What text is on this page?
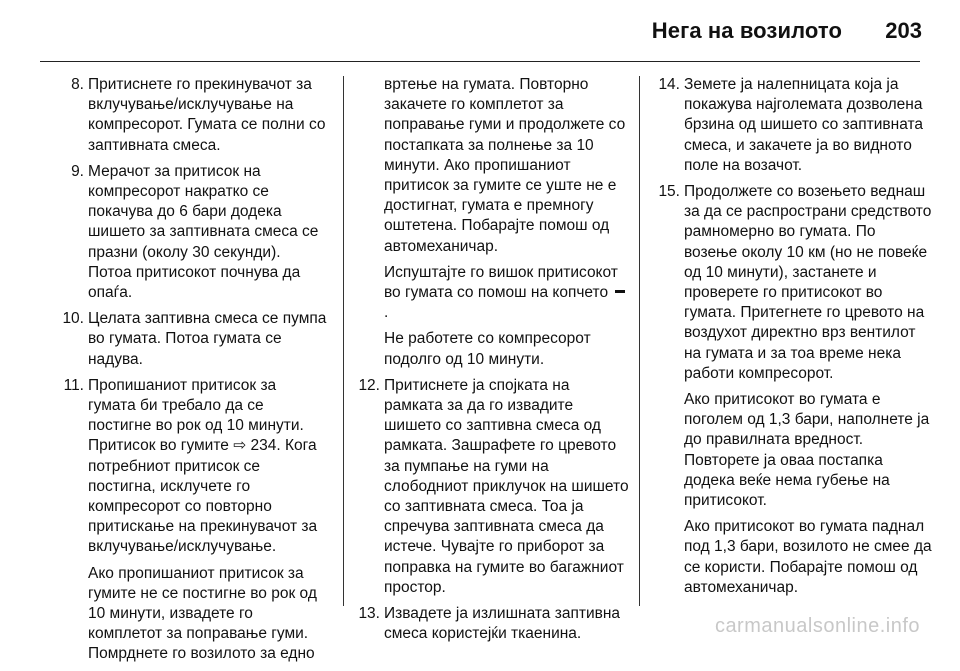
Нега на возилото 203
8. Притиснете го прекинувачот за вклучување/исклучување на компресорот. Гумата се полни со заптивната смеса.
9. Мерачот за притисок на компресорот накратко се покачува до 6 бари додека шишето за заптивната смеса се празни (околу 30 секунди). Потоа притисокот почнува да опаѓа.
10. Целата заптивна смеса се пумпа во гумата. Потоа гумата се надува.
11. Пропишаниот притисок за гумата би требало да се постигне во рок од 10 минути. Притисок во гумите ⇨ 234. Кога потребниот притисок се постигна, исклучете го компресорот со повторно притискање на прекинувачот за вклучување/исклучување.
Ако пропишаниот притисок за гумите не се постигне во рок од 10 минути, извадете го комплетот за поправање гуми. Помрднете го возилото за едно
вртење на гумата. Повторно закачете го комплетот за поправање гуми и продолжете со постапката за полнење за 10 минути. Ако пропишаниот притисок за гумите се уште не е достигнат, гумата е премногу оштетена. Побарајте помош од автомеханичар.
Испуштајте го вишок притисокот во гумата со помош на копчето .
Не работете со компресорот подолго од 10 минути.
12. Притиснете ја спојката на рамката за да го извадите шишето со заптивна смеса од рамката. Зашрафете го цревото за пумпање на гуми на слободниот приклучок на шишето со заптивната смеса. Тоа ја спречува заптивната смеса да истече. Чувајте го приборот за поправка на гумите во багажниот простор.
13. Извадете ја излишната заптивна смеса користејќи ткаенина.
14. Земете ја налепницата која ја покажува најголемата дозволена брзина од шишето со заптивната смеса, и закачете ја во видното поле на возачот.
15. Продолжете со возењето веднаш за да се распространи средството рамномерно во гумата. По возење околу 10 км (но не повеќе од 10 минути), застанете и проверете го притисокот во гумата. Притегнете го цревото на воздухот директно врз вентилот на гумата и за тоа време нека работи компресорот.
Ако притисокот во гумата е поголем од 1,3 бари, наполнете ја до правилната вредност. Повторете ја оваа постапка додека веќе нема губење на притисокот.
Ако притисокот во гумата паднал под 1,3 бари, возилото не смее да се користи. Побарајте помош од автомеханичар.
carmanualsonline.info
